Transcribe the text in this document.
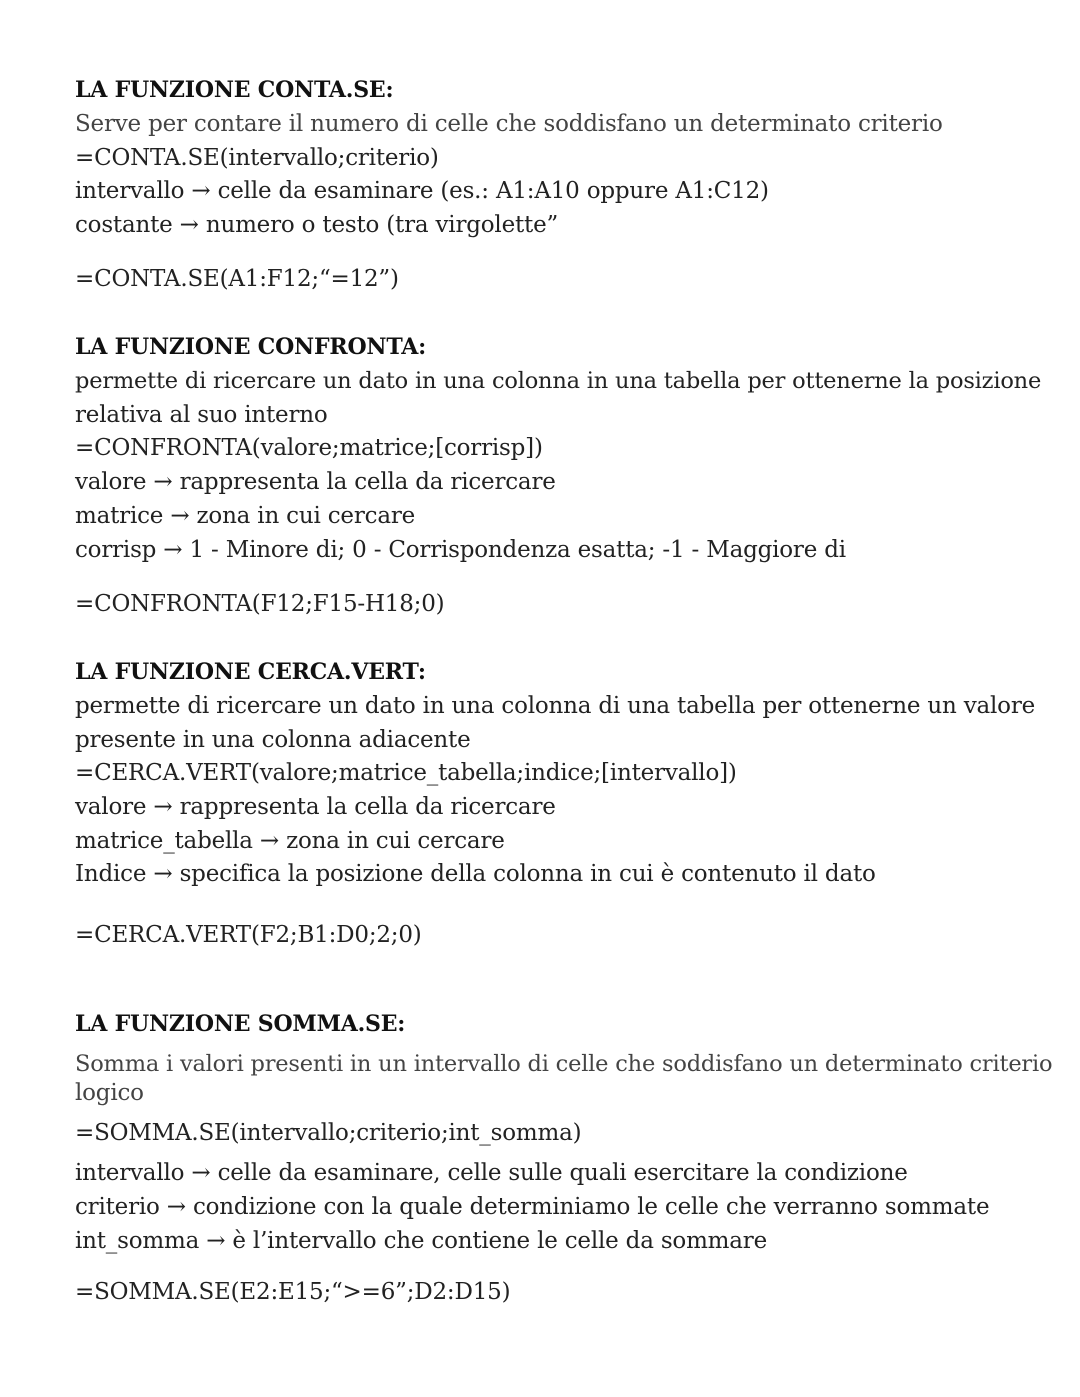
LA FUNZIONE CONTA.SE:
Serve per contare il numero di celle che soddisfano un determinato criterio
=CONTA.SE(intervallo;criterio)
intervallo → celle da esaminare (es.: A1:A10 oppure A1:C12)
costante → numero o testo (tra virgolette”
=CONTA.SE(A1:F12;“=12”)
LA FUNZIONE CONFRONTA:
permette di ricercare un dato in una colonna in una tabella per ottenerne la posizione
relativa al suo interno
=CONFRONTA(valore;matrice;[corrisp])
valore → rappresenta la cella da ricercare
matrice → zona in cui cercare
corrisp → 1 - Minore di; 0 - Corrispondenza esatta; -1 - Maggiore di
=CONFRONTA(F12;F15-H18;0)
LA FUNZIONE CERCA.VERT:
permette di ricercare un dato in una colonna di una tabella per ottenerne un valore
presente in una colonna adiacente
=CERCA.VERT(valore;matrice_tabella;indice;[intervallo])
valore → rappresenta la cella da ricercare
matrice_tabella → zona in cui cercare
Indice → specifica la posizione della colonna in cui è contenuto il dato
=CERCA.VERT(F2;B1:D0;2;0)
LA FUNZIONE SOMMA.SE:
Somma i valori presenti in un intervallo di celle che soddisfano un determinato criterio
logico
=SOMMA.SE(intervallo;criterio;int_somma)
intervallo → celle da esaminare, celle sulle quali esercitare la condizione
criterio → condizione con la quale determiniamo le celle che verranno sommate
int_somma → è l’intervallo che contiene le celle da sommare
=SOMMA.SE(E2:E15;“>=6”;D2:D15)
